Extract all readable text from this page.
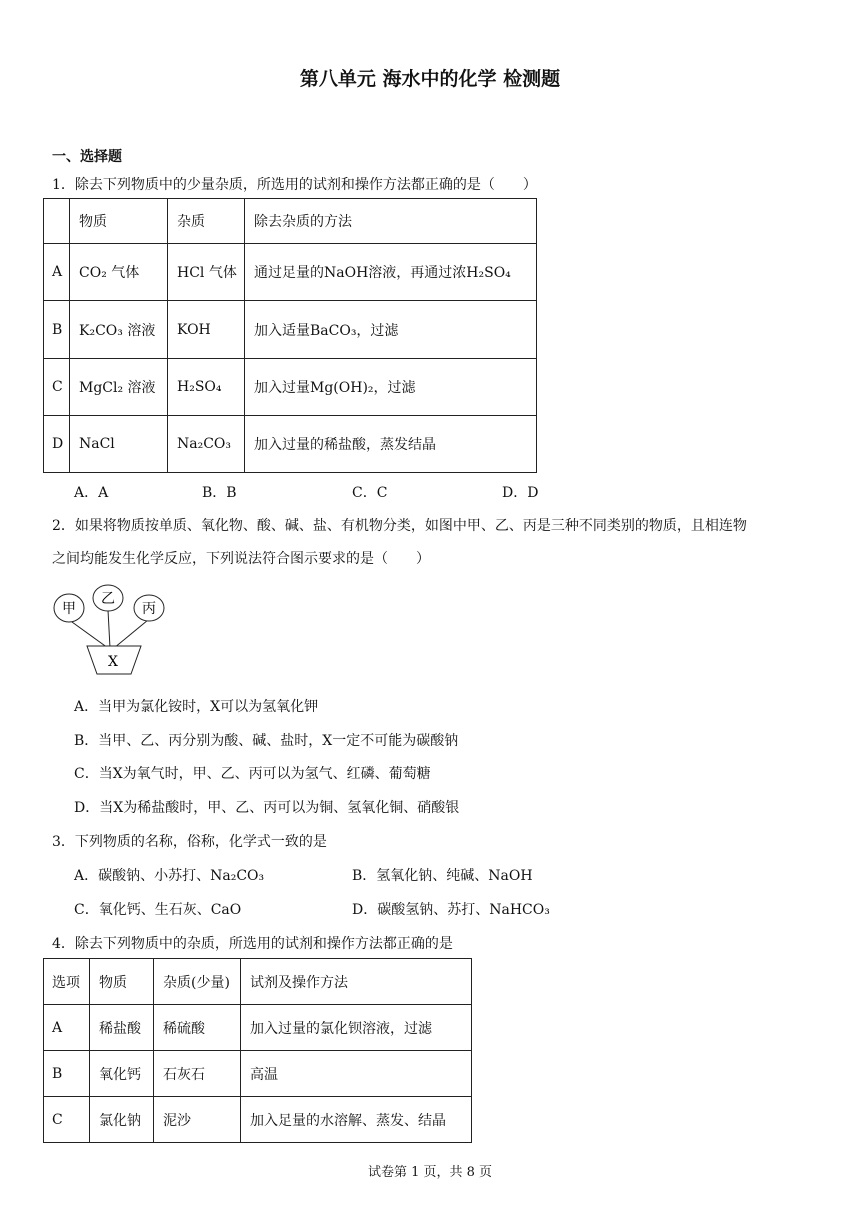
第八单元 海水中的化学 检测题
一、选择题
1．除去下列物质中的少量杂质，所选用的试剂和操作方法都正确的是（　　）
	物质	杂质	除去杂质的方法
A	CO₂ 气体	HCl 气体	通过足量的NaOH溶液，再通过浓H₂SO₄
B	K₂CO₃ 溶液	KOH	加入适量BaCO₃，过滤
C	MgCl₂ 溶液	H₂SO₄	加入过量Mg(OH)₂，过滤
D	NaCl	Na₂CO₃	加入过量的稀盐酸，蒸发结晶
A．A	B．B	C．C	D．D
2．如果将物质按单质、氧化物、酸、碱、盐、有机物分类，如图中甲、乙、丙是三种不同类别的物质，且相连物
之间均能发生化学反应，下列说法符合图示要求的是（　　）
甲
乙
丙
X
A．当甲为氯化铵时，X可以为氢氧化钾
B．当甲、乙、丙分别为酸、碱、盐时，X一定不可能为碳酸钠
C．当X为氧气时，甲、乙、丙可以为氢气、红磷、葡萄糖
D．当X为稀盐酸时，甲、乙、丙可以为铜、氢氧化铜、硝酸银
3．下列物质的名称，俗称，化学式一致的是
A．碳酸钠、小苏打、Na₂CO₃	B．氢氧化钠、纯碱、NaOH
C．氧化钙、生石灰、CaO	D．碳酸氢钠、苏打、NaHCO₃
4．除去下列物质中的杂质，所选用的试剂和操作方法都正确的是
选项	物质	杂质(少量)	试剂及操作方法
A	稀盐酸	稀硫酸	加入过量的氯化钡溶液，过滤
B	氧化钙	石灰石	高温
C	氯化钠	泥沙	加入足量的水溶解、蒸发、结晶
试卷第 1 页，共 8 页
